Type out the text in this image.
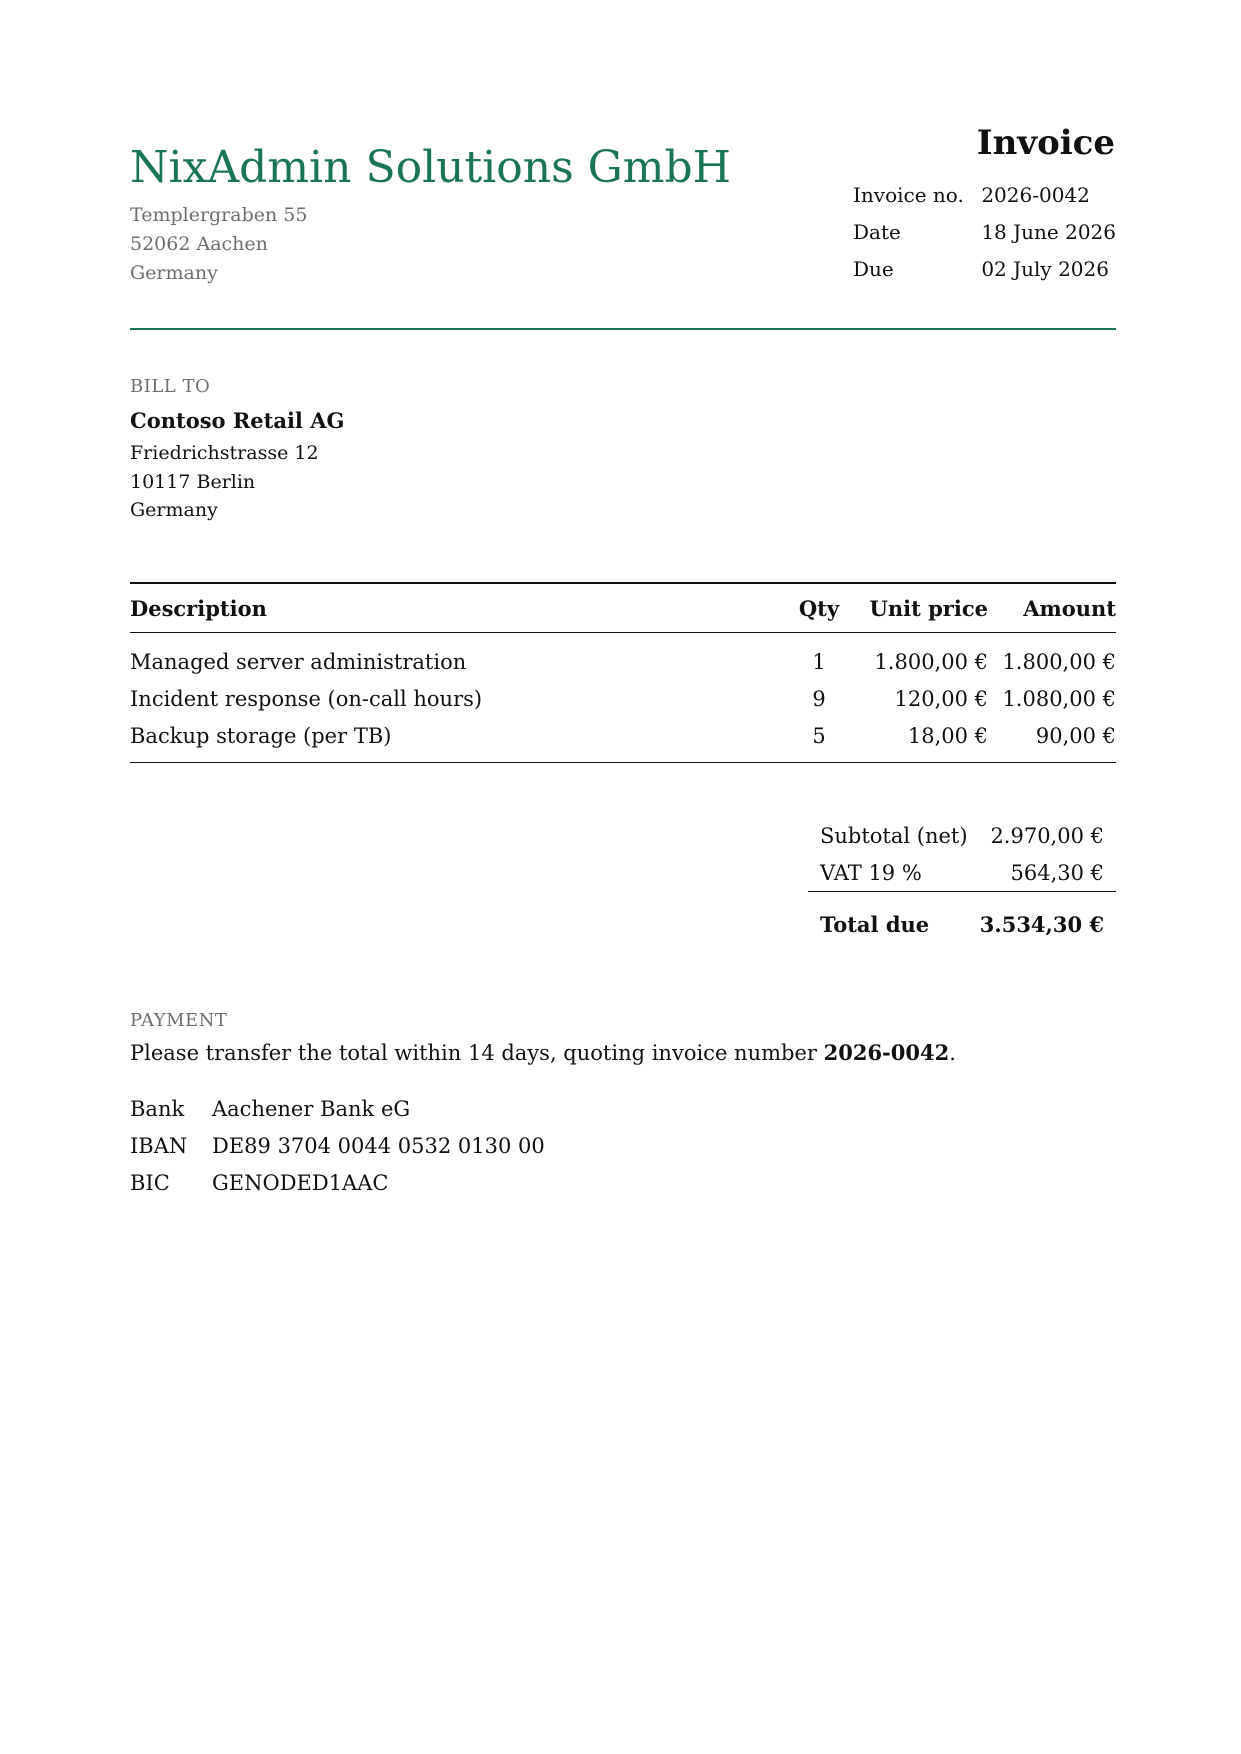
NixAdmin Solutions GmbH
Templergraben 55
52062 Aachen
Germany
Invoice
Invoice no.	2026-0042
Date	18 June 2026
Due	02 July 2026
BILL TO
Contoso Retail AG
Friedrichstrasse 12
10117 Berlin
Germany
Description	Qty	Unit price	Amount
Managed server administration	1	1.800,00 €	1.800,00 €
Incident response (on-call hours)	9	120,00 €	1.080,00 €
Backup storage (per TB)	5	18,00 €	90,00 €
Subtotal (net)	2.970,00 €
VAT 19 %	564,30 €
Total due	3.534,30 €
PAYMENT
Please transfer the total within 14 days, quoting invoice number 2026-0042.
Bank	Aachener Bank eG
IBAN	DE89 3704 0044 0532 0130 00
BIC	GENODED1AAC
